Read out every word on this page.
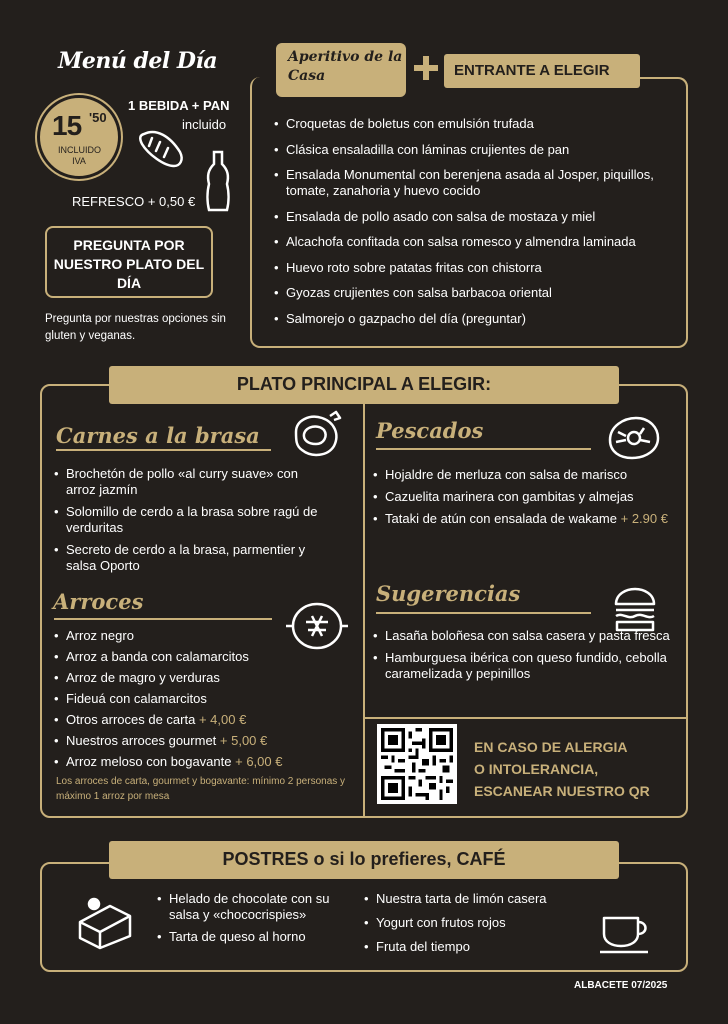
Menú del Día
15 '50
INCLUIDO IVA
1 BEBIDA + PAN
incluido
REFRESCO + 0,50 €
PREGUNTA POR NUESTRO PLATO DEL DÍA
Pregunta por nuestras opciones sin gluten y veganas.
Aperitivo de la Casa	ENTRANTE A ELEGIR
• Croquetas de boletus con emulsión trufada
• Clásica ensaladilla con láminas crujientes de pan
• Ensalada Monumental con berenjena asada al Josper, piquillos, tomate, zanahoria y huevo cocido
• Ensalada de pollo asado con salsa de mostaza y miel
• Alcachofa confitada con salsa romesco y almendra laminada
• Huevo roto sobre patatas fritas con chistorra
• Gyozas crujientes con salsa barbacoa oriental
• Salmorejo o gazpacho del día (preguntar)
PLATO PRINCIPAL A ELEGIR:
Carnes a la brasa
• Brochetón de pollo «al curry suave» con arroz jazmín
• Solomillo de cerdo a la brasa sobre ragú de verduritas
• Secreto de cerdo a la brasa, parmentier y salsa Oporto
Arroces
• Arroz negro
• Arroz a banda con calamarcitos
• Arroz de magro y verduras
• Fideuá con calamarcitos
• Otros arroces de carta + 4,00 €
• Nuestros arroces gourmet + 5,00 €
• Arroz meloso con bogavante + 6,00 €
Los arroces de carta, gourmet y bogavante: mínimo 2 personas y máximo 1 arroz por mesa
Pescados
• Hojaldre de merluza con salsa de marisco
• Cazuelita marinera con gambitas y almejas
• Tataki de atún con ensalada de wakame + 2.90 €
Sugerencias
• Lasaña boloñesa con salsa casera y pasta fresca
• Hamburguesa ibérica con queso fundido, cebolla caramelizada y pepinillos
EN CASO DE ALERGIA
O INTOLERANCIA,
ESCANEAR NUESTRO QR
POSTRES o si lo prefieres, CAFÉ
• Helado de chocolate con su salsa y «chococrispies»
• Tarta de queso al horno
• Nuestra tarta de limón casera
• Yogurt con frutos rojos
• Fruta del tiempo
ALBACETE 07/2025
